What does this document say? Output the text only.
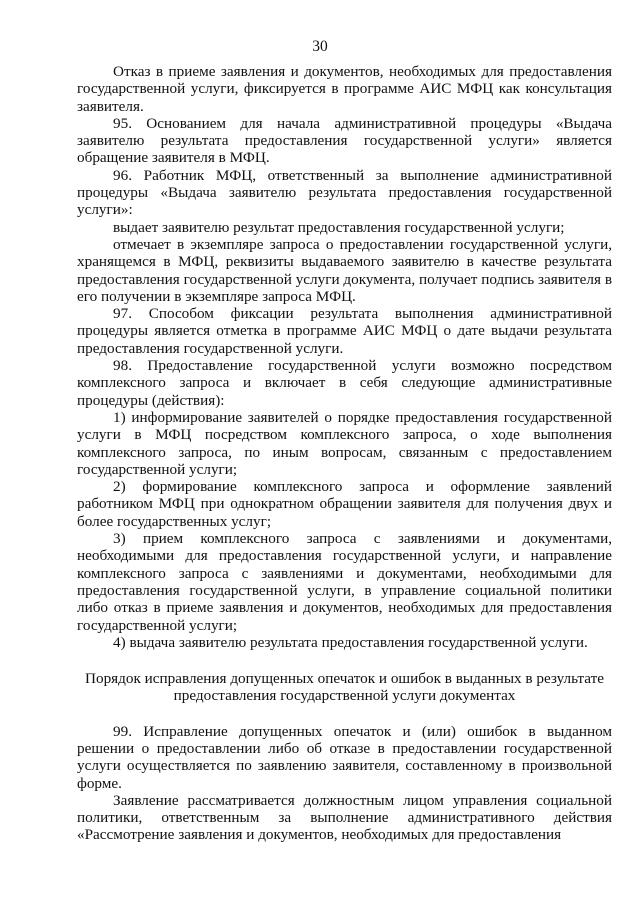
30

Отказ в приеме заявления и документов, необходимых для предоставления государственной услуги, фиксируется в программе АИС МФЦ как консультация заявителя.

95. Основанием для начала административной процедуры «Выдача заявителю результата предоставления государственной услуги» является обращение заявителя в МФЦ.

96. Работник МФЦ, ответственный за выполнение административной процедуры «Выдача заявителю результата предоставления государственной услуги»:

выдает заявителю результат предоставления государственной услуги;

отмечает в экземпляре запроса о предоставлении государственной услуги, хранящемся в МФЦ, реквизиты выдаваемого заявителю в качестве результата предоставления государственной услуги документа, получает подпись заявителя в его получении в экземпляре запроса МФЦ.

97. Способом фиксации результата выполнения административной процедуры является отметка в программе АИС МФЦ о дате выдачи результата предоставления государственной услуги.

98. Предоставление государственной услуги возможно посредством комплексного запроса и включает в себя следующие административные процедуры (действия):

1) информирование заявителей о порядке предоставления государственной услуги в МФЦ посредством комплексного запроса, о ходе выполнения комплексного запроса, по иным вопросам, связанным с предоставлением государственной услуги;

2) формирование комплексного запроса и оформление заявлений работником МФЦ при однократном обращении заявителя для получения двух и более государственных услуг;

3) прием комплексного запроса с заявлениями и документами, необходимыми для предоставления государственной услуги, и направление комплексного запроса с заявлениями и документами, необходимыми для предоставления государственной услуги, в управление социальной политики либо отказ в приеме заявления и документов, необходимых для предоставления государственной услуги;

4) выдача заявителю результата предоставления государственной услуги.

Порядок исправления допущенных опечаток и ошибок в выданных в результате предоставления государственной услуги документах

99. Исправление допущенных опечаток и (или) ошибок в выданном решении о предоставлении либо об отказе в предоставлении государственной услуги осуществляется по заявлению заявителя, составленному в произвольной форме.

Заявление рассматривается должностным лицом управления социальной политики, ответственным за выполнение административного действия «Рассмотрение заявления и документов, необходимых для предоставления
